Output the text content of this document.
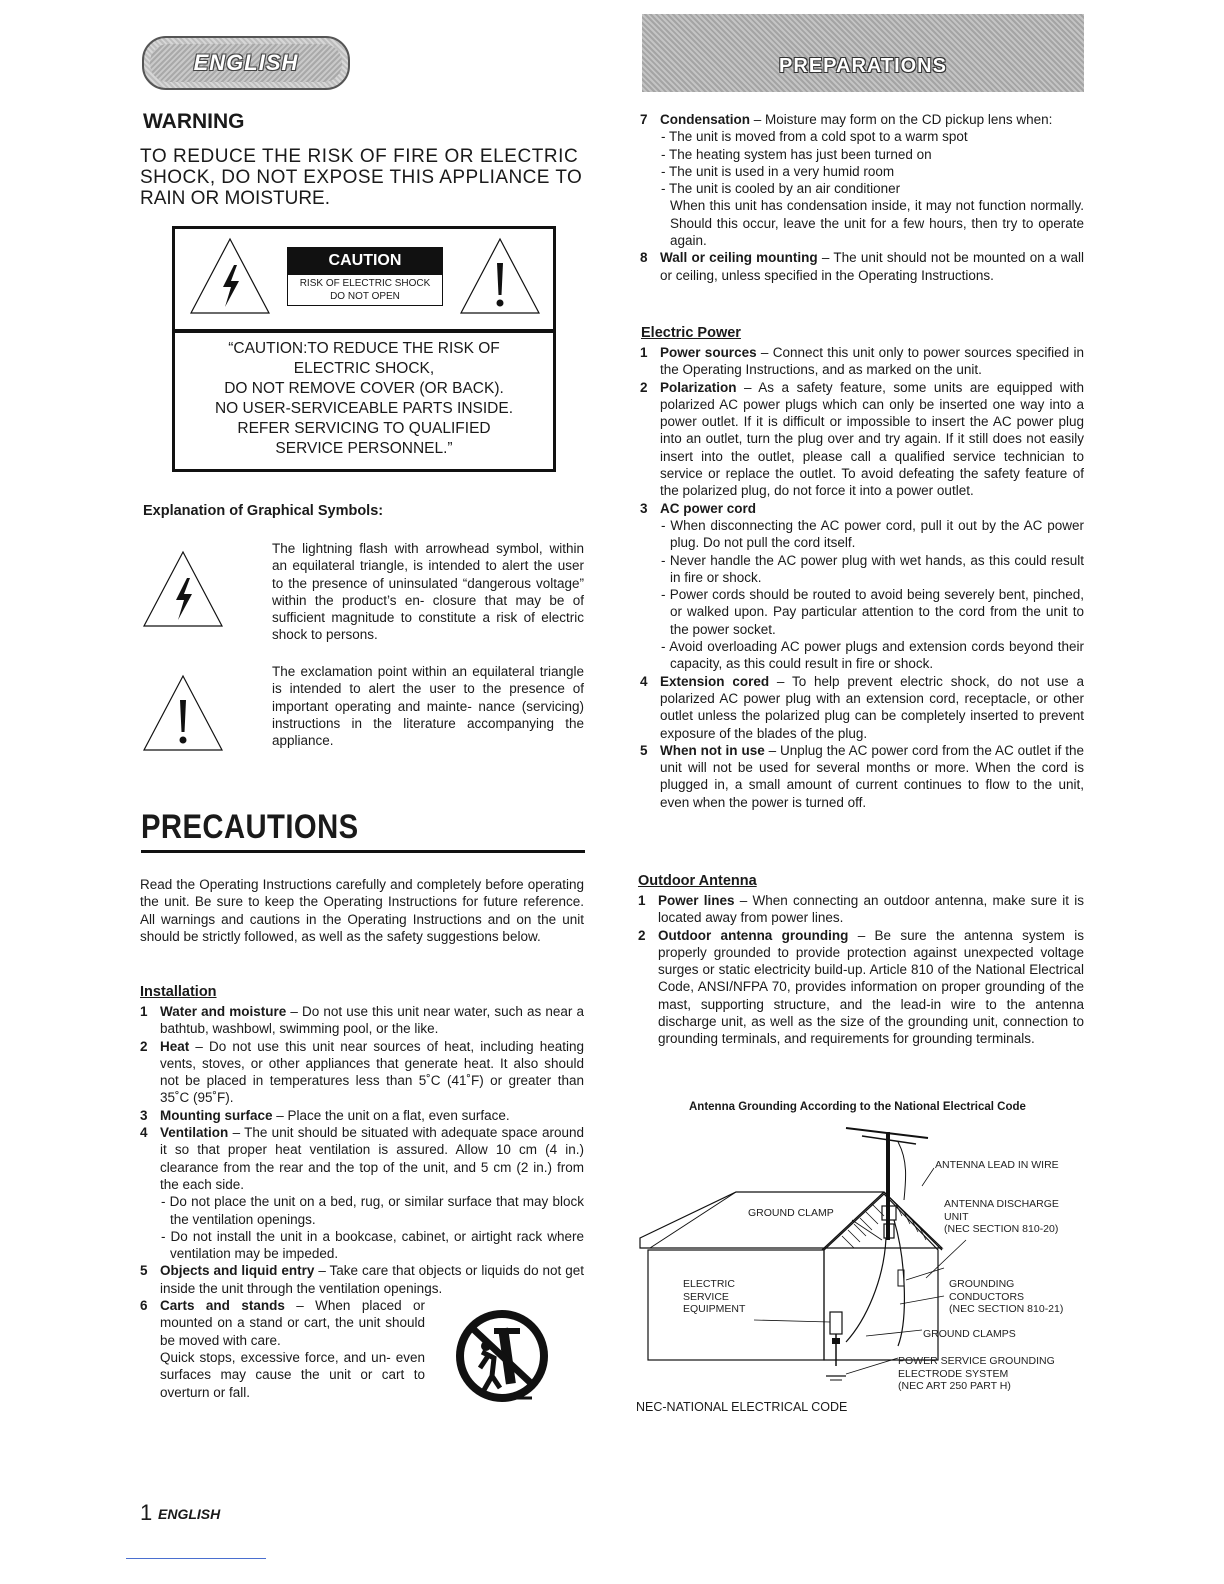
ENGLISH	PREPARATIONS
WARNING
TO REDUCE THE RISK OF FIRE OR ELECTRIC
SHOCK, DO NOT EXPOSE THIS APPLIANCE TO
RAIN OR MOISTURE.
CAUTION
RISK OF ELECTRIC SHOCK
DO NOT OPEN
“CAUTION:TO REDUCE THE RISK OF
ELECTRIC SHOCK,
DO NOT REMOVE COVER (OR BACK).
NO USER-SERVICEABLE PARTS INSIDE.
REFER SERVICING TO QUALIFIED
SERVICE PERSONNEL.”
Explanation of Graphical Symbols:
The lightning flash with arrowhead symbol, within an equilateral triangle, is intended to alert the user to the presence of uninsulated “dangerous voltage” within the product’s en- closure that may be of sufficient magnitude to constitute a risk of electric shock to persons.
The exclamation point within an equilateral triangle is intended to alert the user to the presence of important operating and mainte- nance (servicing) instructions in the literature accompanying the appliance.
PRECAUTIONS
Read the Operating Instructions carefully and completely before operating the unit. Be sure to keep the Operating Instructions for future reference. All warnings and cautions in the Operating Instructions and on the unit should be strictly followed, as well as the safety suggestions below.
Installation
1 Water and moisture – Do not use this unit near water, such as near a bathtub, washbowl, swimming pool, or the like.
2 Heat – Do not use this unit near sources of heat, including heating vents, stoves, or other appliances that generate heat. It also should not be placed in temperatures less than 5˚C (41˚F) or greater than 35˚C (95˚F).
3 Mounting surface – Place the unit on a flat, even surface.
4 Ventilation – The unit should be situated with adequate space around it so that proper heat ventilation is assured. Allow 10 cm (4 in.) clearance from the rear and the top of the unit, and 5 cm (2 in.) from the each side.
- Do not place the unit on a bed, rug, or similar surface that may block the ventilation openings.
- Do not install the unit in a bookcase, cabinet, or airtight rack where ventilation may be impeded.
5 Objects and liquid entry – Take care that objects or liquids do not get inside the unit through the ventilation openings.
6 Carts and stands – When placed or mounted on a stand or cart, the unit should be moved with care.
Quick stops, excessive force, and un- even surfaces may cause the unit or cart to overturn or fall.
7 Condensation – Moisture may form on the CD pickup lens when:
- The unit is moved from a cold spot to a warm spot
- The heating system has just been turned on
- The unit is used in a very humid room
- The unit is cooled by an air conditioner
When this unit has condensation inside, it may not function normally. Should this occur, leave the unit for a few hours, then try to operate again.
8 Wall or ceiling mounting – The unit should not be mounted on a wall or ceiling, unless specified in the Operating Instructions.
Electric Power
1 Power sources – Connect this unit only to power sources specified in the Operating Instructions, and as marked on the unit.
2 Polarization – As a safety feature, some units are equipped with polarized AC power plugs which can only be inserted one way into a power outlet. If it is difficult or impossible to insert the AC power plug into an outlet, turn the plug over and try again. If it still does not easily insert into the outlet, please call a qualified service technician to service or replace the outlet. To avoid defeating the safety feature of the polarized plug, do not force it into a power outlet.
3 AC power cord
- When disconnecting the AC power cord, pull it out by the AC power plug. Do not pull the cord itself.
- Never handle the AC power plug with wet hands, as this could result in fire or shock.
- Power cords should be routed to avoid being severely bent, pinched, or walked upon. Pay particular attention to the cord from the unit to the power socket.
- Avoid overloading AC power plugs and extension cords beyond their capacity, as this could result in fire or shock.
4 Extension cored – To help prevent electric shock, do not use a polarized AC power plug with an extension cord, receptacle, or other outlet unless the polarized plug can be completely inserted to prevent exposure of the blades of the plug.
5 When not in use – Unplug the AC power cord from the AC outlet if the unit will not be used for several months or more. When the cord is plugged in, a small amount of current continues to flow to the unit, even when the power is turned off.
Outdoor Antenna
1 Power lines – When connecting an outdoor antenna, make sure it is located away from power lines.
2 Outdoor antenna grounding – Be sure the antenna system is properly grounded to provide protection against unexpected voltage surges or static electricity build-up. Article 810 of the National Electrical Code, ANSI/NFPA 70, provides information on proper grounding of the mast, supporting structure, and the lead-in wire to the antenna discharge unit, as well as the size of the grounding unit, connection to grounding terminals, and requirements for grounding terminals.
Antenna Grounding According to the National Electrical Code
ANTENNA LEAD IN WIRE
GROUND CLAMP
ANTENNA DISCHARGE
UNIT
(NEC SECTION 810-20)
ELECTRIC
SERVICE
EQUIPMENT
GROUNDING
CONDUCTORS
(NEC SECTION 810-21)
GROUND CLAMPS
POWER SERVICE GROUNDING
ELECTRODE SYSTEM
(NEC ART 250 PART H)
NEC-NATIONAL ELECTRICAL CODE
1 ENGLISH
